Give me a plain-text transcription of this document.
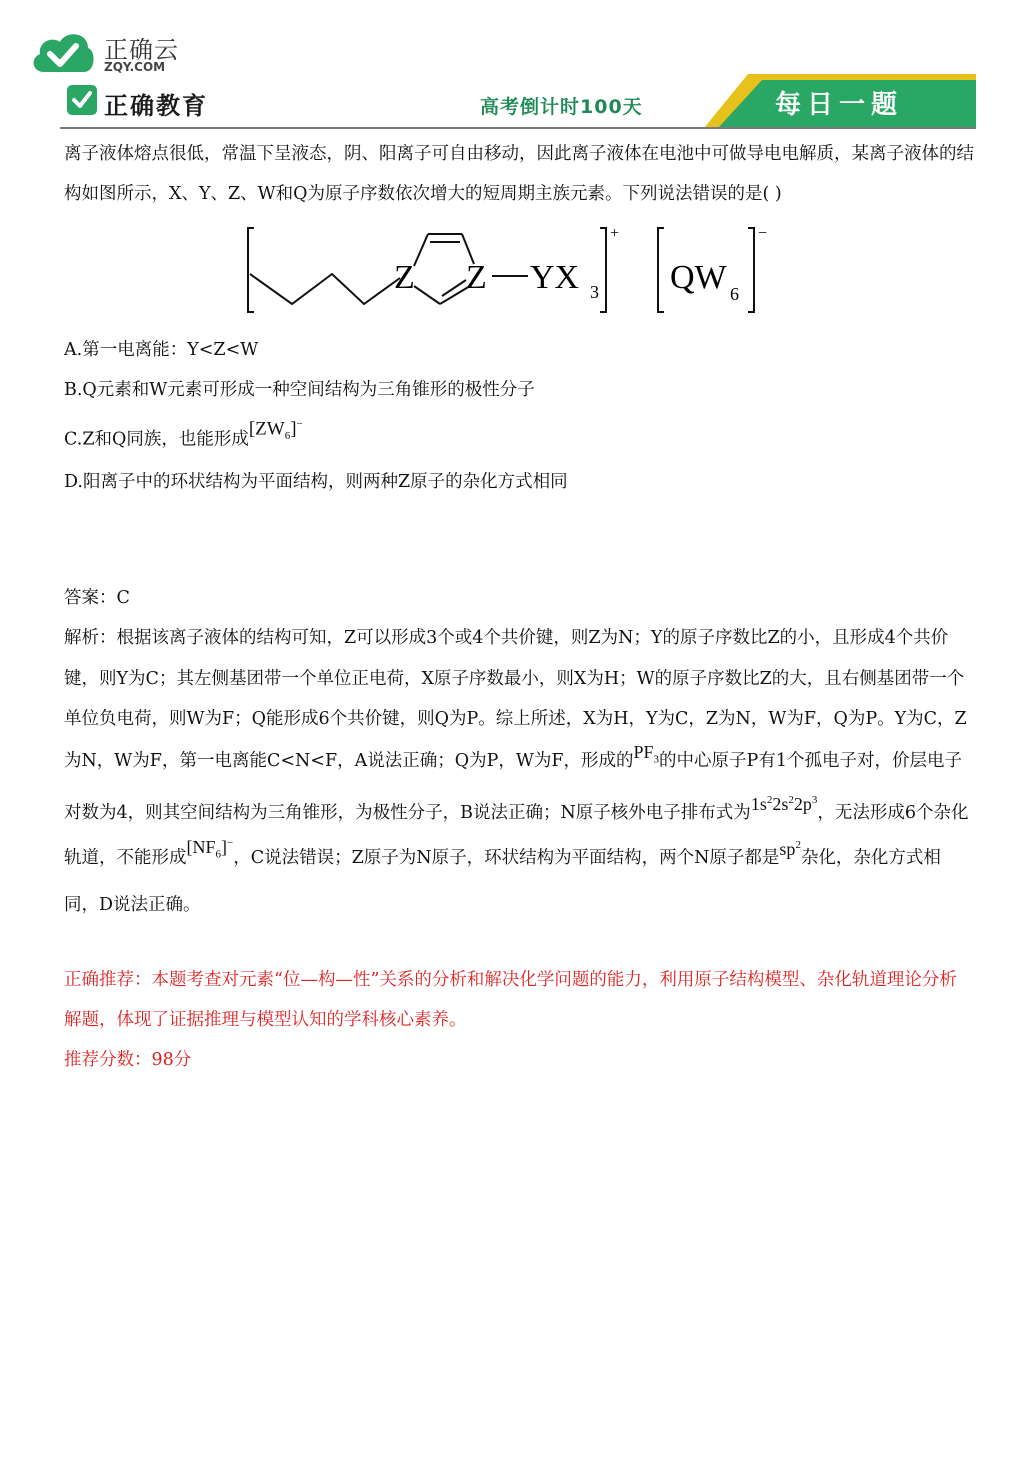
正确云
ZQY.COM
正确教育	高考倒计时100天	每日一题

离子液体熔点很低，常温下呈液态，阴、阳离子可自由移动，因此离子液体在电池中可做导电电解质，某离子液体的结构如图所示，X、Y、Z、W和Q为原子序数依次增大的短周期主族元素。下列说法错误的是( )

Z Z YX 3
+
QW 6
−

A.第一电离能：Y<Z<W

B.Q元素和W元素可形成一种空间结构为三角锥形的极性分子

C.Z和Q同族，也能形成$[ZW_6]^-$

D.阳离子中的环状结构为平面结构，则两种Z原子的杂化方式相同

答案：C

解析：根据该离子液体的结构可知，Z可以形成3个或4个共价键，则Z为N；Y的原子序数比Z的小，且形成4个共价键，则Y为C；其左侧基团带一个单位正电荷，X原子序数最小，则X为H；W的原子序数比Z的大，且右侧基团带一个单位负电荷，则W为F；Q能形成6个共价键，则Q为P。综上所述，X为H，Y为C，Z为N，W为F，Q为P。Y为C，Z为N，W为F，第一电离能C<N<F，A说法正确；Q为P，W为F，形成的$PF_3$的中心原子P有1个孤电子对，价层电子对数为4，则其空间结构为三角锥形，为极性分子，B说法正确；N原子核外电子排布式为$1s^22s^22p^3$，无法形成6个杂化轨道，不能形成$[NF_6]^-$，C说法错误；Z原子为N原子，环状结构为平面结构，两个N原子都是$sp^2$杂化，杂化方式相同，D说法正确。

正确推荐：本题考查对元素“位—构—性”关系的分析和解决化学问题的能力，利用原子结构模型、杂化轨道理论分析解题，体现了证据推理与模型认知的学科核心素养。

推荐分数：98分
